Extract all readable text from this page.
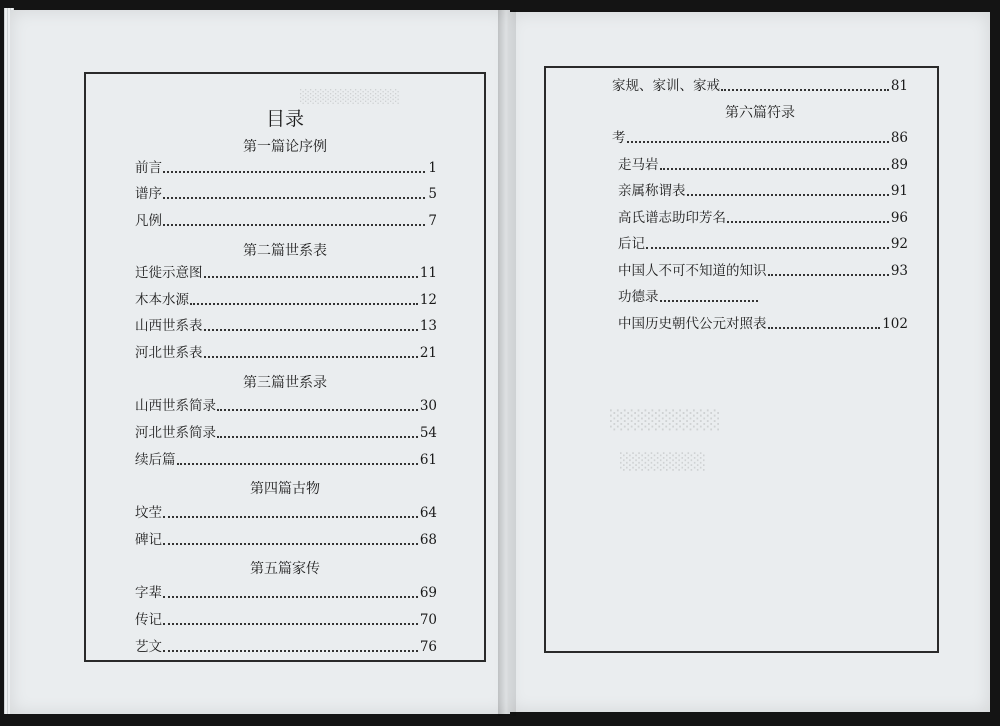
░░░░░░░░░░
░░░░░░░░
░░░░░░░
目录
第一篇论序例
前言	1
谱序	5
凡例	7
第二篇世系表
迁徙示意图	11
木本水源	12
山西世系表	13
河北世系表	21
第三篇世系录
山西世系简录	30
河北世系简录	54
续后篇	61
第四篇古物
坟茔	64
碑记	68
第五篇家传
字辈	69
传记	70
艺文	76
家规、家训、家戒	81
第六篇符录
考	86
走马岩	89
亲属称谓表	91
高氏谱志助印芳名	96
后记	92
中国人不可不知道的知识	93
功德录
中国历史朝代公元对照表	102
